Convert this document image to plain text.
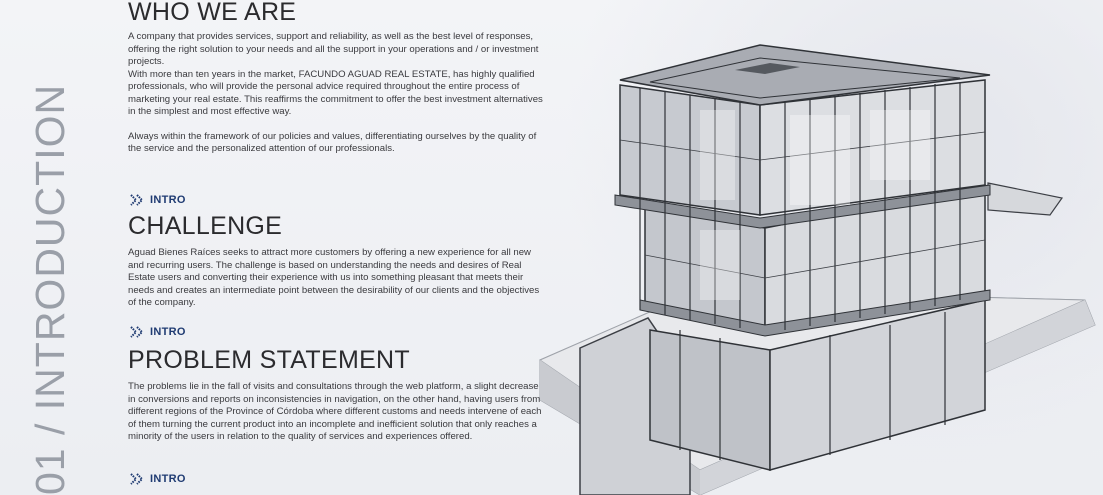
01 / INTRODUCTION
WHO WE ARE

A company that provides services, support and reliability, as well as the best level of responses, offering the right solution to your needs and all the support in your operations and / or investment projects.

With more than ten years in the market, FACUNDO AGUAD REAL ESTATE, has highly qualified professionals, who will provide the personal advice required throughout the entire process of marketing your real estate. This reaffirms the commitment to offer the best investment alternatives in the simplest and most effective way.

Always within the framework of our policies and values, differentiating ourselves by the quality of the service and the personalized attention of our professionals.

INTRO
CHALLENGE

Aguad Bienes Raíces seeks to attract more customers by offering a new experience for all new and recurring users. The challenge is based on understanding the needs and desires of Real Estate users and converting their experience with us into something pleasant that meets their needs and creates an intermediate point between the desirability of our clients and the objectives of the company.

INTRO
PROBLEM STATEMENT

The problems lie in the fall of visits and consultations through the web platform, a slight decrease in conversions and reports on inconsistencies in navigation, on the other hand, having users from different regions of the Province of Córdoba where different customs and needs intervene of each of them turning the current product into an incomplete and inefficient solution that only reaches a minority of the users in relation to the quality of services and experiences offered.

INTRO
